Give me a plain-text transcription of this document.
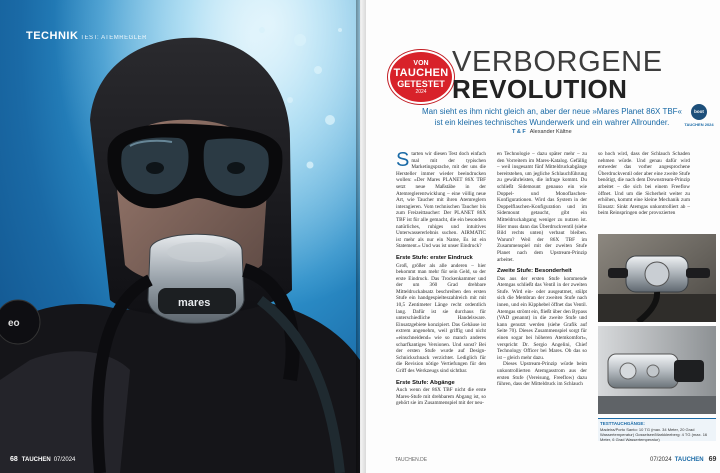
eo
mares
TECHNIK TEST: ATEMREGLER
68 TAUCHEN 07/2024
VON
TAUCHEN
GETESTET
2024
VERBORGENE
REVOLUTION
Man sieht es ihm nicht gleich an, aber der neue »Mares Planet 86X TBF« ist ein kleines technisches Wunderwerk und ein wahrer Allrounder.
boot
TAUCHEN 2024
T & F Alexander Kältne
S tarten wir diesen Test doch einfach mal mit der typischen Marketingsprache, mit der uns die Hersteller immer wieder beeindrucken wollen: »Der Mares PLANET 86X TBF setzt neue Maßstäbe in der Atemreglerentwicklung – eine völlig neue Art, wie Taucher mit ihren Atemreglern interagieren. Vom technischen Taucher bis zum Freizeittaucher: Der PLANET 86X TBF ist für alle gemacht, die ein besonders natürliches, ruhiges und intuitives Unterwassererlebnis suchen. AIRMATIC ist mehr als nur ein Name, Es ist ein Statement.« Und was ist unser Eindruck?

Erste Stufe: erster Eindruck

Groß, größer als alle anderen – hier bekommt man mehr für sein Geld, so der erste Eindruck. Das Trockenkammer und der um 360 Grad drehbare Mitteldruckabsatz beschreiben den ersten Stufe ein handgespielteszahlreich mit mit 10,5 Zentimeter Länge recht ordentlich lang. Dafür ist sie durchaus für unterschiedliche Handelsware. Einsatzgebiete konzipiert. Das Gehäuse ist extrem angenehm, weil griffig und nicht »einschneidend« wie so manch anderes scharfkantiges Versionen. Und sonst? Bei der ersten Stufe wurde auf Design-Schnickschnack verzichtet. Lediglich für die Revision nötige Vertiefungen für den Griff des Werkzeugs sind sichtbar.

Erste Stufe: Abgänge

Auch wenn der 86X TBF nicht die erste Mares-Stufe mit drehbarem Abgang ist, so gehört sie im Zusammenspiel mit der neu-

en Technologie – dazu später mehr – zu den Vorreitern im Mares-Katalog. Gefällig – weil insgesamt fünf Mitteldruckabgänge bereitstehen, um jegliche Schlauchführung zu gewährleisten, die infrage kommt. Du schließt Sidemount genauso ein wie Doppel- und Monoflaschen-Konfigurationen. Wird das System in der Doppelflaschen-Konfiguration und im Sidemount getaucht, gibt ein Mitteldruckabgang weniger zu nutzen ist. Hier muss dann das Überdruckventil (siehe Bild rechts unten) verbaut bleiben. Warum? Weil der 86X TBF im Zusammenspiel mit der zweiten Stufe Planet nach dem Upstream-Prinzip arbeitet.

Zweite Stufe: Besonderheit

Das aus der ersten Stufe kommende Atemgas schließt das Ventil in der zweiten Stufe. Wird ein- oder ausgeatmet, stülpt sich die Membran der zweiten Stufe nach innen, und ein Kipphebel öffnet das Ventil. Atemgas strömt ein, fließt über den Bypass (VAD genannt) in die zweite Stufe und kann genutzt werden (siehe Grafik auf Seite 70). Dieses Zusammenspiel sorgt für einen sogar bei höheren Atemkomfort«, verspricht Dr. Sergio Angelini, Chief Technology Officer bei Mares. Ob das so ist – gleich mehr dazu.

Dieses Upstream-Prinzip würde beim unkontrollierten Atemgasstrom aus der ersten Stufe (Vereisung, Freeflow) dazu führen, dass der Mitteldruck im Schlauch

so hoch wird, dass der Schlauch Schaden nehmen würde. Und genau dafür wird entweder das vorher angesprochene Überdruckventil oder aber eine zweite Stufe benötigt, die nach dem Downstream-Prinzip arbeitet – die sich bei einem Freeflow öffnet. Und um die Sicherheit weiter zu erhöhen, kommt eine kleine Mechanik zum Einsatz: Sinkt Atemgas unkontrolliert ab – beim Reinspringen oder provozierten

TESTTAUCHGÄNGE:
Madeira/Porto Santo: 10 TG (max. 34 Meter, 20 Grad Wassertemperatur) Gosselsee/Markkleeberg: 4 TG (max. 16 Meter, 6 Grad Wassertemperatur)
TAUCHEN.DE	07/2024 TAUCHEN 69
